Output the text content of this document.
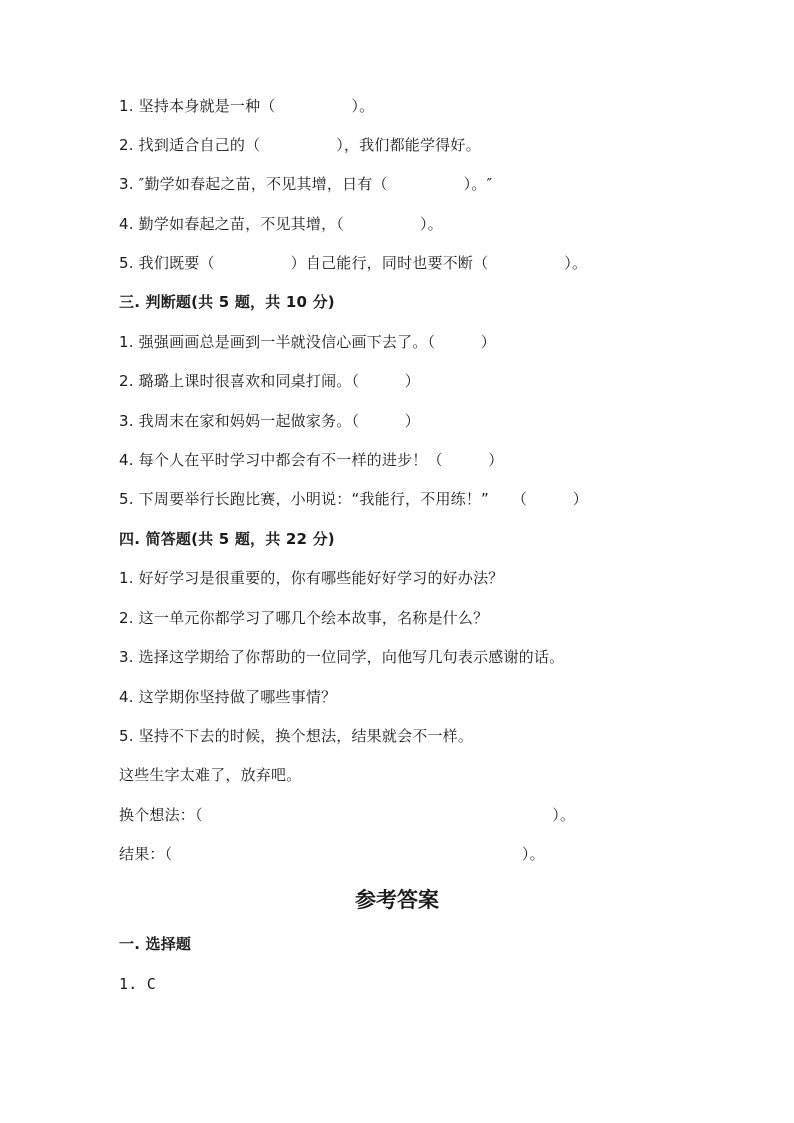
1. 坚持本身就是一种（　　　　　）。
2. 找到适合自己的（　　　　　），我们都能学得好。
3. ″勤学如春起之苗，不见其增，日有（　　　　　）。″
4. 勤学如春起之苗，不见其增，（　　　　　）。
5. 我们既要（　　　　　）自己能行，同时也要不断（　　　　　）。
三. 判断题(共 5 题，共 10 分)
1. 强强画画总是画到一半就没信心画下去了。（　　　）
2. 璐璐上课时很喜欢和同桌打闹。（　　　）
3. 我周末在家和妈妈一起做家务。（　　　）
4. 每个人在平时学习中都会有不一样的进步！（　　　）
5. 下周要举行长跑比赛，小明说：“我能行，不用练！”　　（　　　）
四. 简答题(共 5 题，共 22 分)
1. 好好学习是很重要的，你有哪些能好好学习的好办法？
2. 这一单元你都学习了哪几个绘本故事，名称是什么？
3. 选择这学期给了你帮助的一位同学，向他写几句表示感谢的话。
4. 这学期你坚持做了哪些事情？
5. 坚持不下去的时候，换个想法，结果就会不一样。
这些生字太难了，放弃吧。
换个想法：（　　　　　　　　　　　　　　　　　　　　　　　）。
结果：（　　　　　　　　　　　　　　　　　　　　　　　）。
参考答案
一. 选择题
1. C
